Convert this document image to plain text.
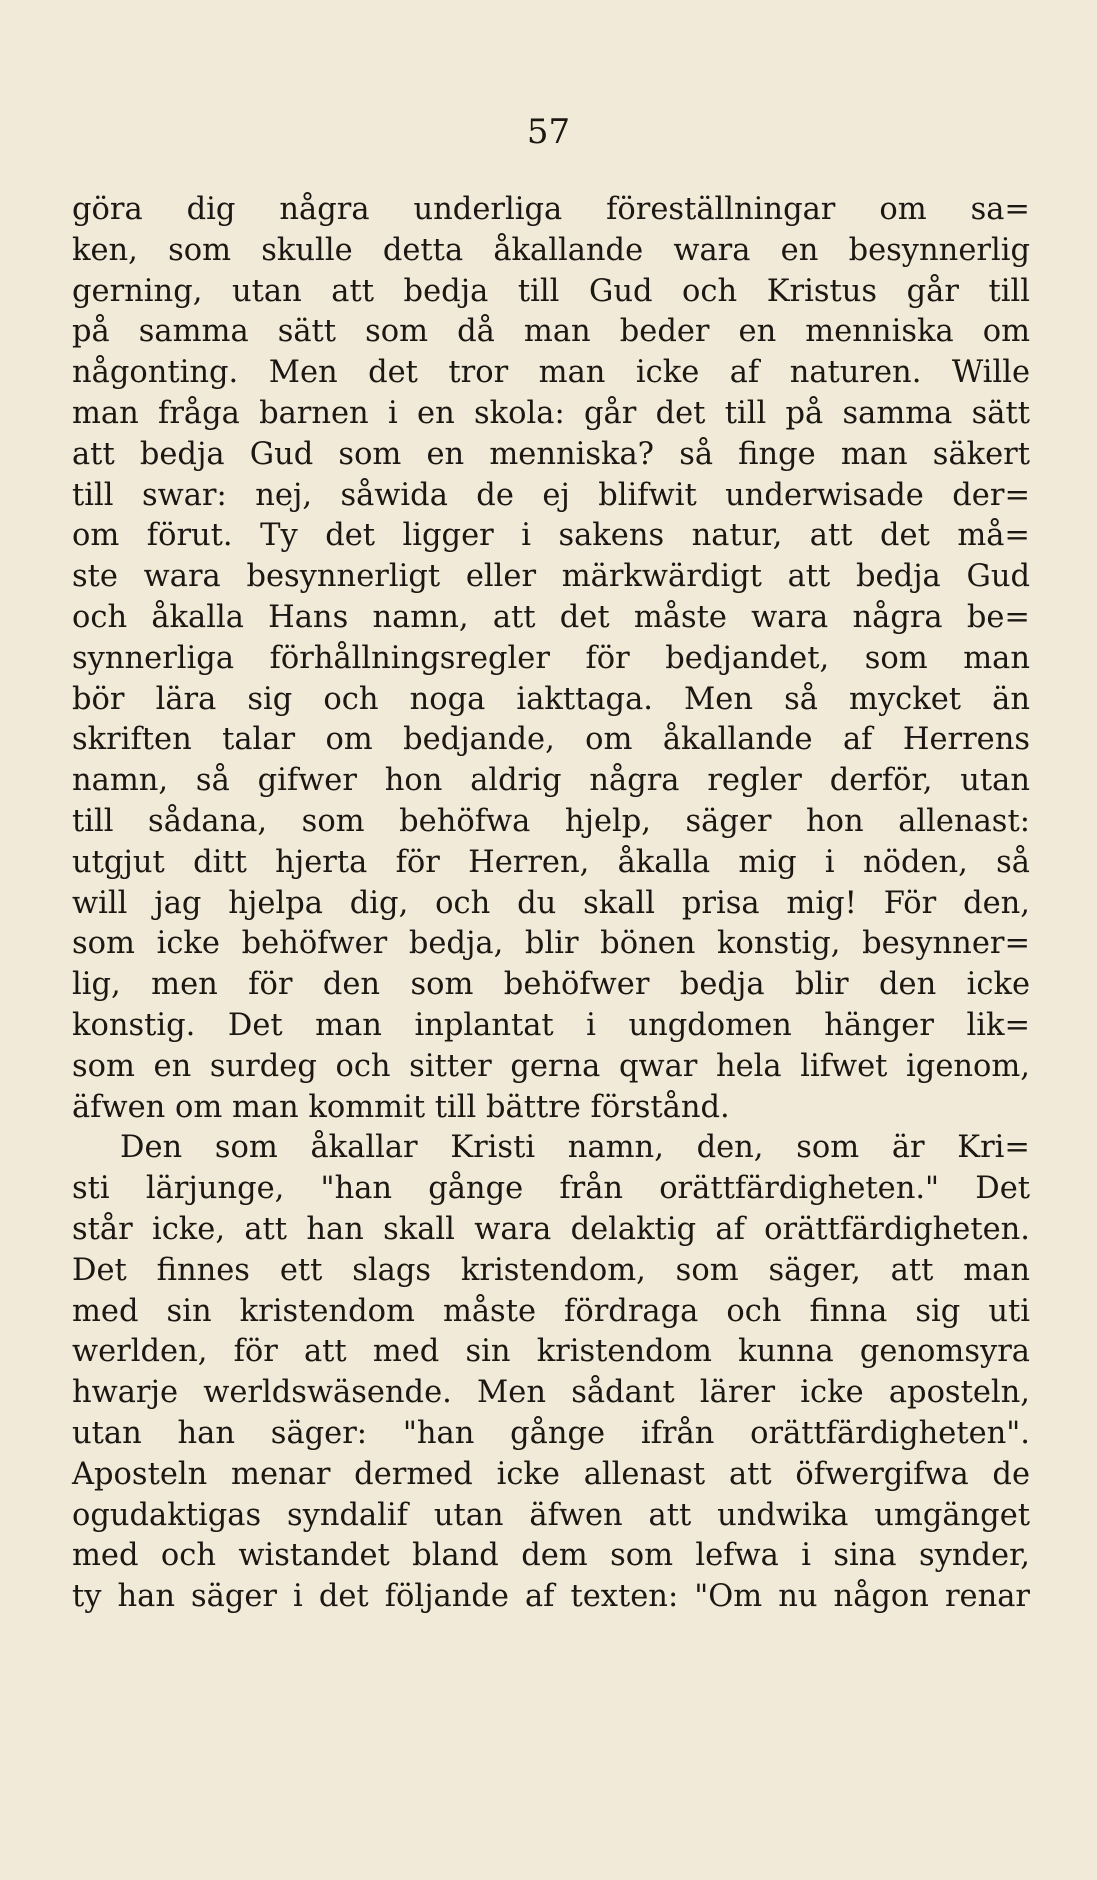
57
göra dig några underliga föreställningar om sa=
ken, som skulle detta åkallande wara en besynnerlig
gerning, utan att bedja till Gud och Kristus går till
på samma sätt som då man beder en menniska om
någonting. Men det tror man icke af naturen. Wille
man fråga barnen i en skola: går det till på samma sätt
att bedja Gud som en menniska? så finge man säkert
till swar: nej, såwida de ej blifwit underwisade der=
om förut. Ty det ligger i sakens natur, att det må=
ste wara besynnerligt eller märkwärdigt att bedja Gud
och åkalla Hans namn, att det måste wara några be=
synnerliga förhållningsregler för bedjandet, som man
bör lära sig och noga iakttaga. Men så mycket än
skriften talar om bedjande, om åkallande af Herrens
namn, så gifwer hon aldrig några regler derför, utan
till sådana, som behöfwa hjelp, säger hon allenast:
utgjut ditt hjerta för Herren, åkalla mig i nöden, så
will jag hjelpa dig, och du skall prisa mig! För den,
som icke behöfwer bedja, blir bönen konstig, besynner=
lig, men för den som behöfwer bedja blir den icke
konstig. Det man inplantat i ungdomen hänger lik=
som en surdeg och sitter gerna qwar hela lifwet igenom,
äfwen om man kommit till bättre förstånd.
Den som åkallar Kristi namn, den, som är Kri=
sti lärjunge, "han gånge från orättfärdigheten." Det
står icke, att han skall wara delaktig af orättfärdigheten.
Det finnes ett slags kristendom, som säger, att man
med sin kristendom måste fördraga och finna sig uti
werlden, för att med sin kristendom kunna genomsyra
hwarje werldswäsende. Men sådant lärer icke aposteln,
utan han säger: "han gånge ifrån orättfärdigheten".
Aposteln menar dermed icke allenast att öfwergifwa de
ogudaktigas syndalif utan äfwen att undwika umgänget
med och wistandet bland dem som lefwa i sina synder,
ty han säger i det följande af texten: "Om nu någon renar
